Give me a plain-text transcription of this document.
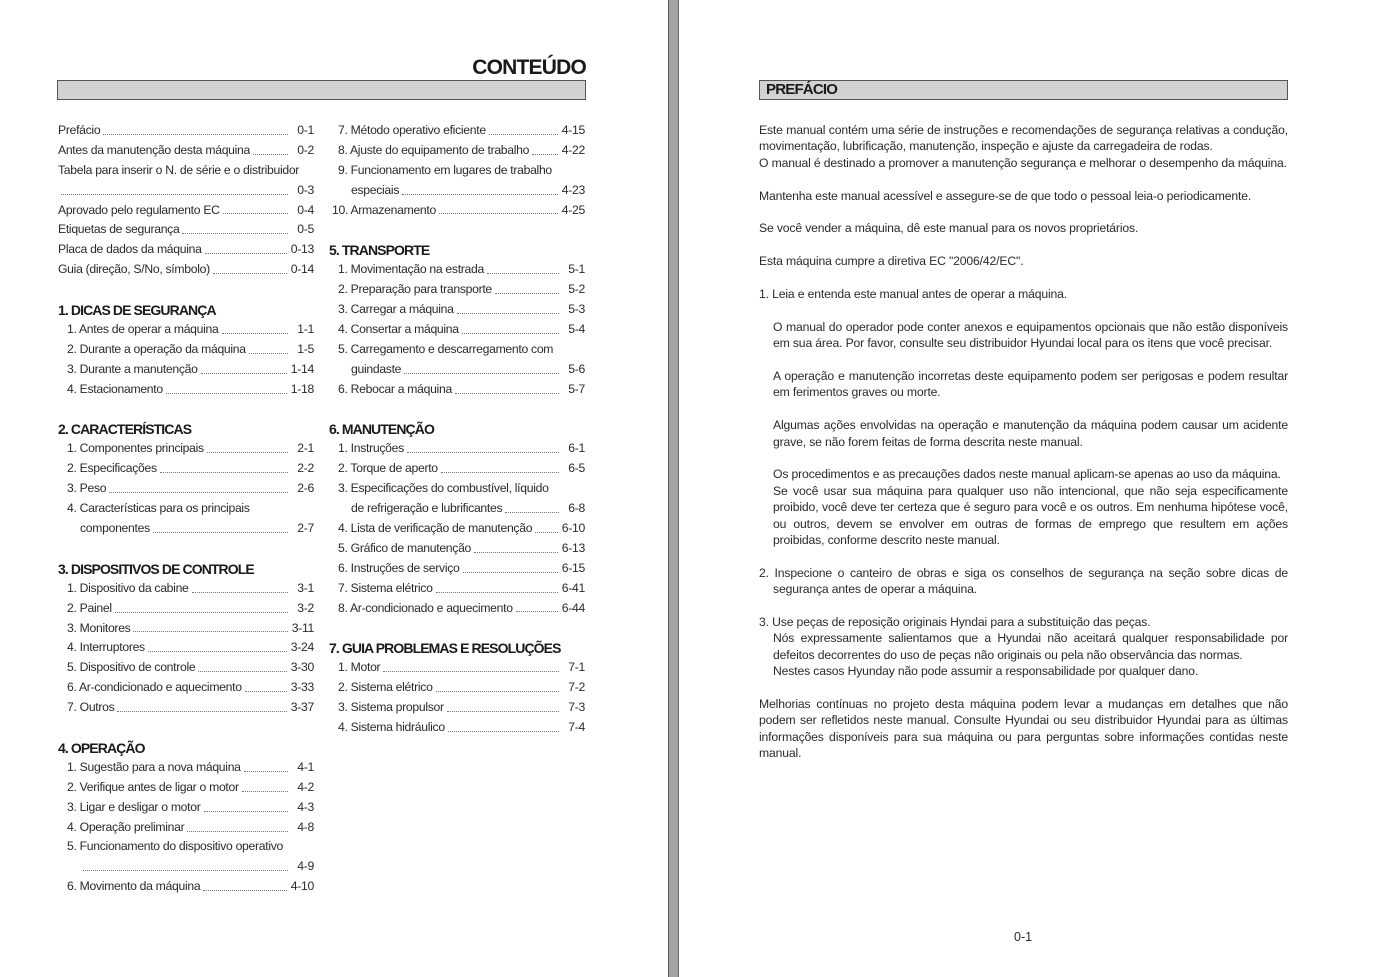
CONTEÚDO
Prefácio	0-1
Antes da manutenção desta máquina	0-2
Tabela para inserir o N. de série e o distribuidor
0-3
Aprovado pelo regulamento EC	0-4
Etiquetas de segurança	0-5
Placa de dados da máquina	0-13
Guia (direção, S/No, símbolo)	0-14
1. DICAS DE SEGURANÇA
1. Antes de operar a máquina	1-1
2. Durante a operação da máquina	1-5
3. Durante a manutenção	1-14
4. Estacionamento	1-18
2. CARACTERÍSTICAS
1. Componentes principais	2-1
2. Especificações	2-2
3. Peso	2-6
4. Características para os principais
componentes	2-7
3. DISPOSITIVOS DE CONTROLE
1. Dispositivo da cabine	3-1
2. Painel	3-2
3. Monitores	3-11
4. Interruptores	3-24
5. Dispositivo de controle	3-30
6. Ar-condicionado e aquecimento	3-33
7. Outros	3-37
4. OPERAÇÃO
1. Sugestão para a nova máquina	4-1
2. Verifique antes de ligar o motor	4-2
3. Ligar e desligar o motor	4-3
4. Operação preliminar	4-8
5. Funcionamento do dispositivo operativo
4-9
6. Movimento da máquina	4-10
7. Método operativo eficiente	4-15
8. Ajuste do equipamento de trabalho	4-22
9. Funcionamento em lugares de trabalho
especiais	4-23
10. Armazenamento	4-25
5. TRANSPORTE
1. Movimentação na estrada	5-1
2. Preparação para transporte	5-2
3. Carregar a máquina	5-3
4. Consertar a máquina	5-4
5. Carregamento e descarregamento com
guindaste	5-6
6. Rebocar a máquina	5-7
6. MANUTENÇÃO
1. Instruções	6-1
2. Torque de aperto	6-5
3. Especificações do combustível, líquido
de refrigeração e lubrificantes	6-8
4. Lista de verificação de manutenção 6-10
5. Gráfico de manutenção	6-13
6. Instruções de serviço	6-15
7. Sistema elétrico	6-41
8. Ar-condicionado e aquecimento	6-44
7. GUIA PROBLEMAS E RESOLUÇÕES
1. Motor	7-1
2. Sistema elétrico	7-2
3. Sistema propulsor	7-3
4. Sistema hidráulico	7-4
PREFÁCIO

Este manual contém uma série de instruções e recomendações de segurança relativas a condução, movimentação, lubrificação, manutenção, inspeção e ajuste da carregadeira de rodas.

O manual é destinado a promover a manutenção segurança e melhorar o desempenho da máquina.

Mantenha este manual acessível e assegure-se de que todo o pessoal leia-o periodicamente.

Se você vender a máquina, dê este manual para os novos proprietários.

Esta máquina cumpre a diretiva EC "2006/42/EC".

1. Leia e entenda este manual antes de operar a máquina.

O manual do operador pode conter anexos e equipamentos opcionais que não estão disponíveis em sua área. Por favor, consulte seu distribuidor Hyundai local para os itens que você precisar.

A operação e manutenção incorretas deste equipamento podem ser perigosas e podem resultar em ferimentos graves ou morte.

Algumas ações envolvidas na operação e manutenção da máquina podem causar um acidente grave, se não forem feitas de forma descrita neste manual.

Os procedimentos e as precauções dados neste manual aplicam-se apenas ao uso da máquina.

Se você usar sua máquina para qualquer uso não intencional, que não seja especificamente proibido, você deve ter certeza que é seguro para você e os outros. Em nenhuma hipótese você, ou outros, devem se envolver em outras de formas de emprego que resultem em ações proibidas, conforme descrito neste manual.

2. Inspecione o canteiro de obras e siga os conselhos de segurança na seção sobre dicas de segurança antes de operar a máquina.

3. Use peças de reposição originais Hyndai para a substituição das peças.

Nós expressamente salientamos que a Hyundai não aceitará qualquer responsabilidade por defeitos decorrentes do uso de peças não originais ou pela não observância das normas.

Nestes casos Hyunday não pode assumir a responsabilidade por qualquer dano.

Melhorias contínuas no projeto desta máquina podem levar a mudanças em detalhes que não podem ser refletidos neste manual. Consulte Hyundai ou seu distribuidor Hyundai para as últimas informações disponíveis para sua máquina ou para perguntas sobre informações contidas neste manual.

0-1
